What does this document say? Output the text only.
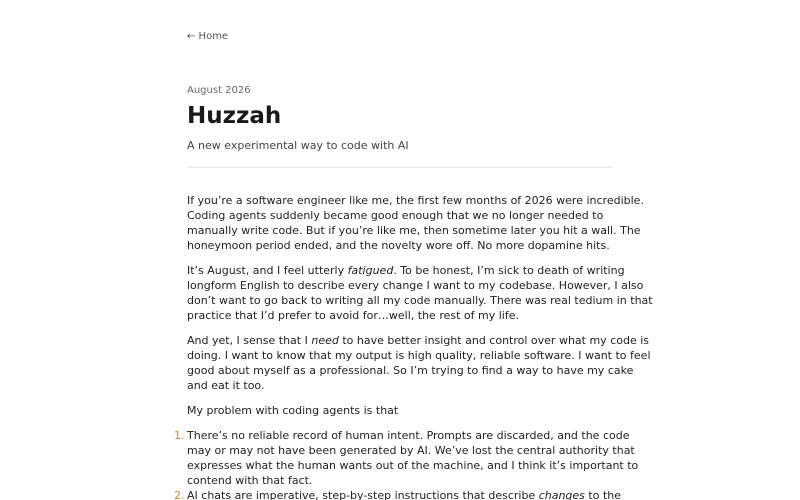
← Home
August 2026
Huzzah
A new experimental way to code with AI

If you’re a software engineer like me, the first few months of 2026 were incredible.
Coding agents suddenly became good enough that we no longer needed to
manually write code. But if you’re like me, then sometime later you hit a wall. The
honeymoon period ended, and the novelty wore off. No more dopamine hits.

It’s August, and I feel utterly fatigued. To be honest, I’m sick to death of writing
longform English to describe every change I want to my codebase. However, I also
don’t want to go back to writing all my code manually. There was real tedium in that
practice that I’d prefer to avoid for…well, the rest of my life.

And yet, I sense that I need to have better insight and control over what my code is
doing. I want to know that my output is high quality, reliable software. I want to feel
good about myself as a professional. So I’m trying to find a way to have my cake
and eat it too.

My problem with coding agents is that

1. There’s no reliable record of human intent. Prompts are discarded, and the code
may or may not have been generated by AI. We’ve lost the central authority that
expresses what the human wants out of the machine, and I think it’s important to
contend with that fact.
2. AI chats are imperative, step-by-step instructions that describe changes to the
